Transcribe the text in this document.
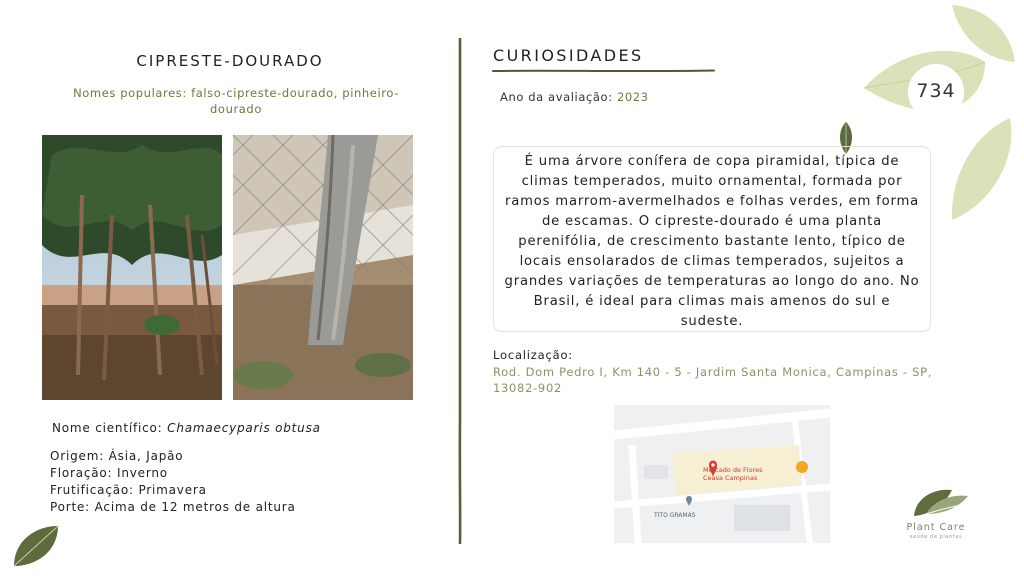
734
CIPRESTE-DOURADO
Nomes populares: falso-cipreste-dourado, pinheiro-dourado
Nome científico: Chamaecyparis obtusa
Origem: Ásia, Japão
Floração: Inverno
Frutificação: Primavera
Porte: Acima de 12 metros de altura
CURIOSIDADES
Ano da avaliação: 2023
É uma árvore conífera de copa piramidal, típica de climas temperados, muito ornamental, formada por ramos marrom-avermelhados e folhas verdes, em forma de escamas. O cipreste-dourado é uma planta perenifólia, de crescimento bastante lento, típico de locais ensolarados de climas temperados, sujeitos a grandes variações de temperaturas ao longo do ano. No Brasil, é ideal para climas mais amenos do sul e sudeste.
Localização:
Rod. Dom Pedro I, Km 140 - 5 - Jardim Santa Monica, Campinas - SP, 13082-902
Mercado de Flores
Ceasa Campinas
TITO GRAMAS
Plant Care
saúde de plantas
